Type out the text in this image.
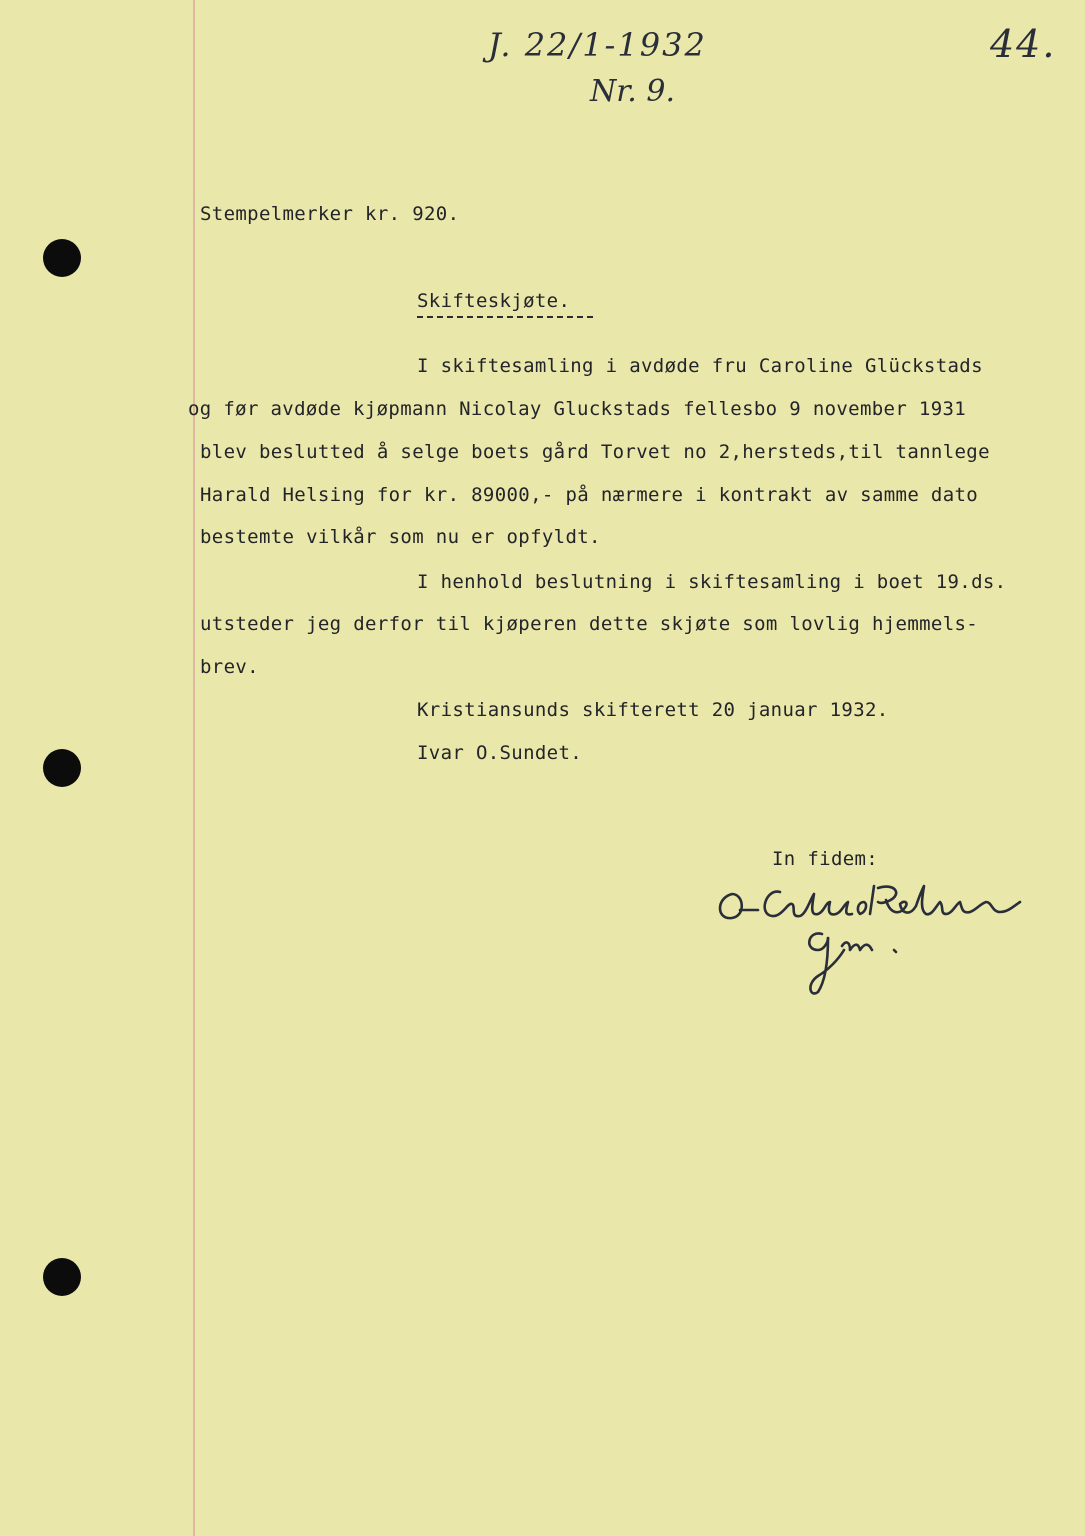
J. 22/1-1932
Nr. 9.
44.
Stempelmerker kr. 920.
Skifteskjøte.
I skiftesamling i avdøde fru Caroline Glückstads
og før avdøde kjøpmann Nicolay Gluckstads fellesbo 9 november 1931
blev beslutted å selge boets gård Torvet no 2,hersteds,til tannlege
Harald Helsing for kr. 89000,- på nærmere i kontrakt av samme dato
bestemte vilkår som nu er opfyldt.
I henhold beslutning i skiftesamling i boet 19.ds.
utsteder jeg derfor til kjøperen dette skjøte som lovlig hjemmels-
brev.
Kristiansunds skifterett 20 januar 1932.
Ivar O.Sundet.
In fidem:
